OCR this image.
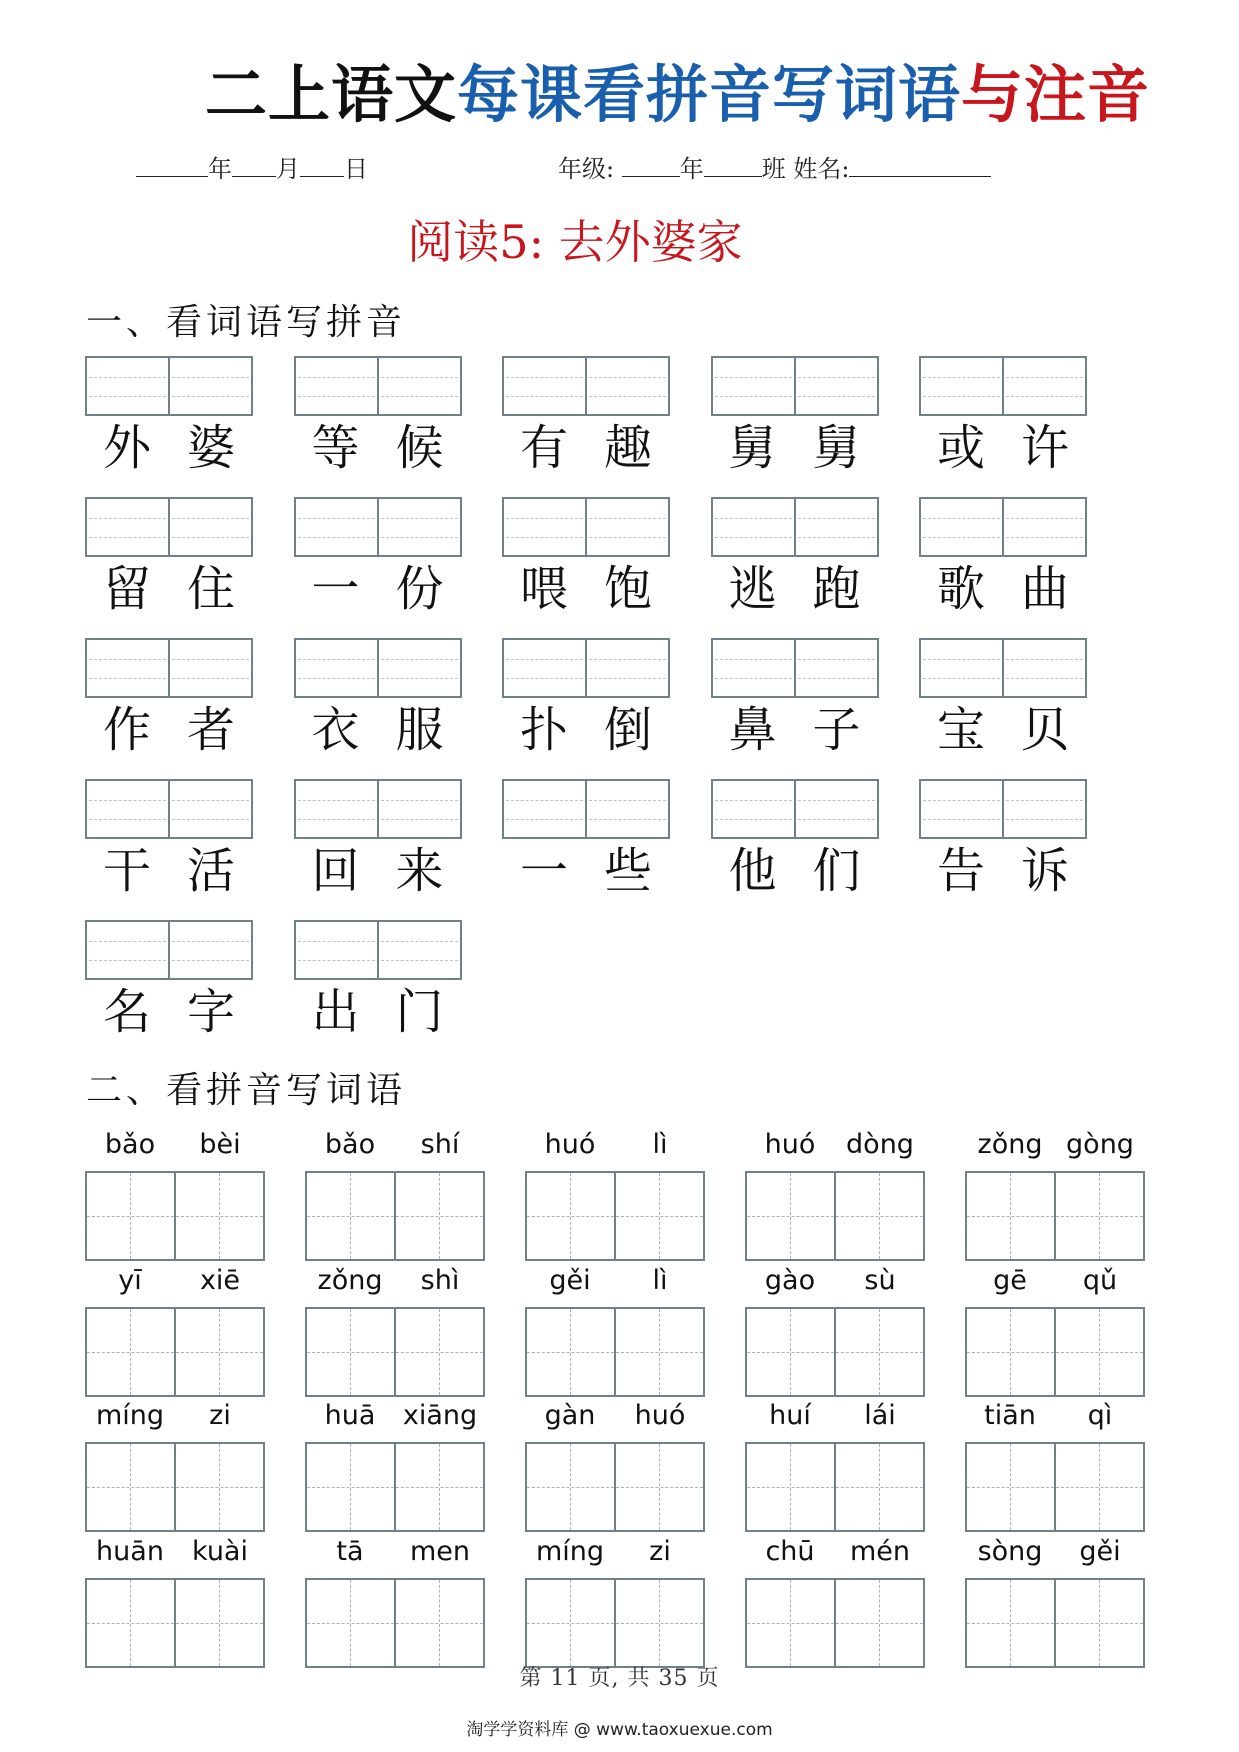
二上语文每课看拼音写词语与注音
年 月 日	年级:	年 班 姓名:
阅读5: 去外婆家
一、看词语写拼音
外 婆 等 候 有 趣 舅 舅 或 许
留 住 一 份 喂 饱 逃 跑 歌 曲
作 者 衣 服 扑 倒 鼻 子 宝 贝
干 活 回 来 一 些 他 们 告 诉
名 字 出 门
二、看拼音写词语
bǎo	bèi	bǎo	shí	huó	lì	huó	dòng	zǒng gòng
yī	xiē	zǒng	shì	gěi	lì	gào	sù	gē	qǔ
míng	zi	huā	xiāng	gàn	huó	huí	lái	tiān	qì
huān	kuài	tā	men	míng	zi	chū	mén	sòng	gěi
第 11 页, 共 35 页
淘学学资料库 @ www.taoxuexue.com
